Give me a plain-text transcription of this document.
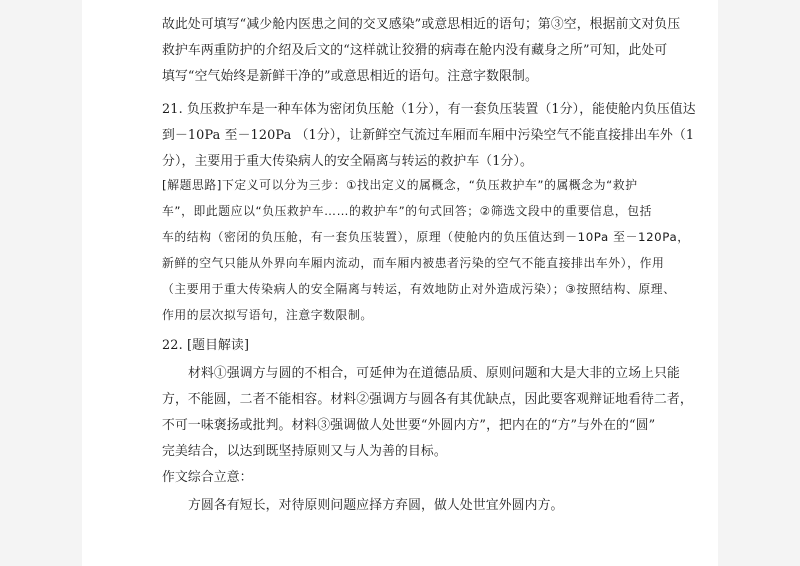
故此处可填写“减少舱内医患之间的交叉感染”或意思相近的语句；第③空，根据前文对负压
救护车两重防护的介绍及后文的“这样就让狡猾的病毒在舱内没有藏身之所”可知，此处可
填写“空气始终是新鲜干净的”或意思相近的语句。注意字数限制。
21. 负压救护车是一种车体为密闭负压舱（1分），有一套负压装置（1分），能使舱内负压值达
到－10Pa 至－120Pa （1分），让新鲜空气流过车厢而车厢中污染空气不能直接排出车外（1
分），主要用于重大传染病人的安全隔离与转运的救护车（1分）。
[解题思路]下定义可以分为三步：①找出定义的属概念，“负压救护车”的属概念为“救护
车”，即此题应以“负压救护车……的救护车”的句式回答；②筛选文段中的重要信息，包括
车的结构（密闭的负压舱，有一套负压装置），原理（使舱内的负压值达到－10Pa 至－120Pa，
新鲜的空气只能从外界向车厢内流动，而车厢内被患者污染的空气不能直接排出车外），作用
（主要用于重大传染病人的安全隔离与转运，有效地防止对外造成污染）；③按照结构、原理、
作用的层次拟写语句，注意字数限制。
22. [题目解读]
材料①强调方与圆的不相合，可延伸为在道德品质、原则问题和大是大非的立场上只能
方，不能圆，二者不能相容。材料②强调方与圆各有其优缺点，因此要客观辩证地看待二者，
不可一味褒扬或批判。材料③强调做人处世要“外圆内方”，把内在的“方”与外在的“圆”
完美结合，以达到既坚持原则又与人为善的目标。
作文综合立意：
方圆各有短长，对待原则问题应择方弃圆，做人处世宜外圆内方。
